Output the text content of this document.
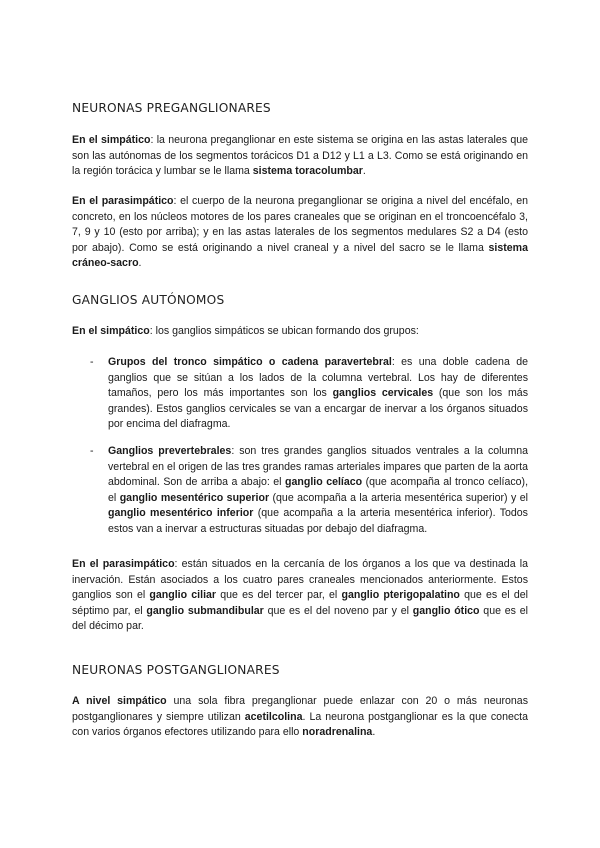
NEURONAS PREGANGLIONARES

En el simpático: la neurona preganglionar en este sistema se origina en las astas laterales que son las autónomas de los segmentos torácicos D1 a D12 y L1 a L3. Como se está originando en la región torácica y lumbar se le llama sistema toracolumbar.

En el parasimpático: el cuerpo de la neurona preganglionar se origina a nivel del encéfalo, en concreto, en los núcleos motores de los pares craneales que se originan en el troncoencéfalo 3, 7, 9 y 10 (esto por arriba); y en las astas laterales de los segmentos medulares S2 a D4 (esto por abajo). Como se está originando a nivel craneal y a nivel del sacro se le llama sistema cráneo-sacro.

GANGLIOS AUTÓNOMOS

En el simpático: los ganglios simpáticos se ubican formando dos grupos:

- Grupos del tronco simpático o cadena paravertebral: es una doble cadena de ganglios que se sitúan a los lados de la columna vertebral. Los hay de diferentes tamaños, pero los más importantes son los ganglios cervicales (que son los más grandes). Estos ganglios cervicales se van a encargar de inervar a los órganos situados por encima del diafragma.

- Ganglios prevertebrales: son tres grandes ganglios situados ventrales a la columna vertebral en el origen de las tres grandes ramas arteriales impares que parten de la aorta abdominal. Son de arriba a abajo: el ganglio celíaco (que acompaña al tronco celíaco), el ganglio mesentérico superior (que acompaña a la arteria mesentérica superior) y el ganglio mesentérico inferior (que acompaña a la arteria mesentérica inferior). Todos estos van a inervar a estructuras situadas por debajo del diafragma.

En el parasimpático: están situados en la cercanía de los órganos a los que va destinada la inervación. Están asociados a los cuatro pares craneales mencionados anteriormente. Estos ganglios son el ganglio ciliar que es del tercer par, el ganglio pterigopalatino que es el del séptimo par, el ganglio submandibular que es el del noveno par y el ganglio ótico que es el del décimo par.

NEURONAS POSTGANGLIONARES

A nivel simpático una sola fibra preganglionar puede enlazar con 20 o más neuronas postganglionares y siempre utilizan acetilcolina. La neurona postganglionar es la que conecta con varios órganos efectores utilizando para ello noradrenalina.
